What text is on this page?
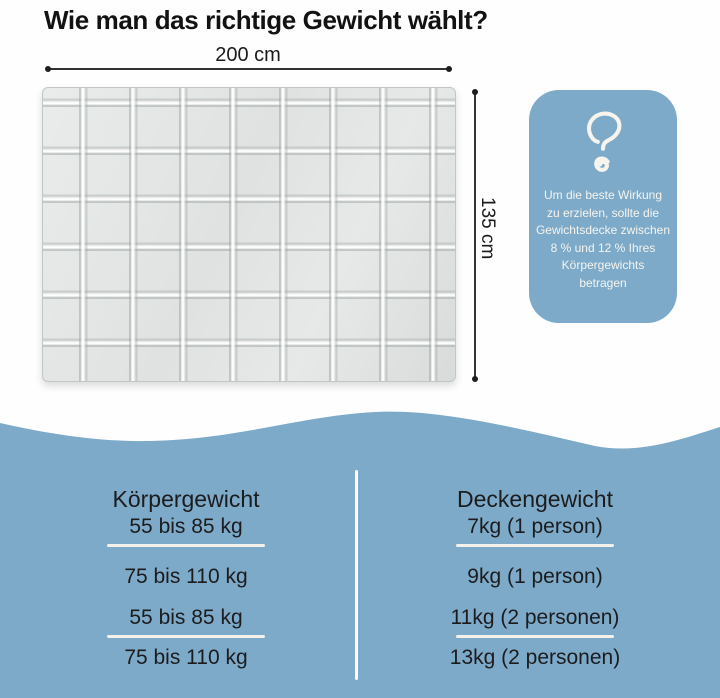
Wie man das richtige Gewicht wählt?
200 cm
135 cm
Um die beste Wirkung
zu erzielen, sollte die
Gewichtsdecke zwischen
8 % und 12 % Ihres
Körpergewichts
betragen
Körpergewicht	Deckengewicht
55 bis 85 kg	7kg (1 person)
75 bis 110 kg	9kg (1 person)
55 bis 85 kg	11kg (2 personen)
75 bis 110 kg	13kg (2 personen)
